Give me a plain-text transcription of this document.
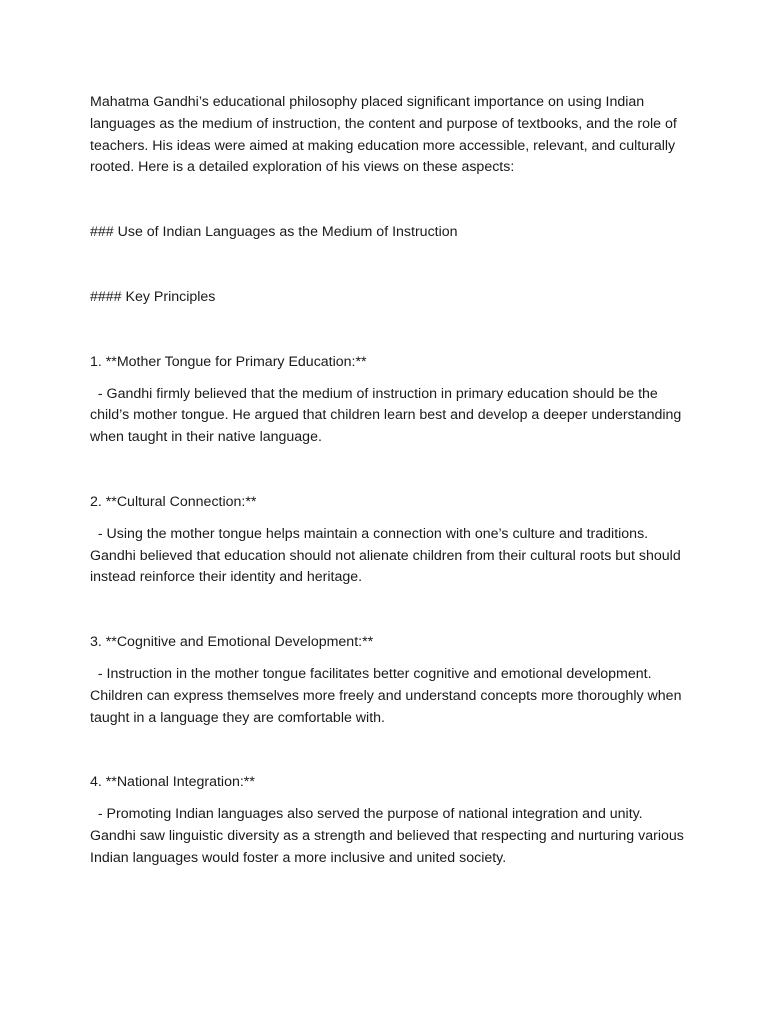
Mahatma Gandhi’s educational philosophy placed significant importance on using Indian languages as the medium of instruction, the content and purpose of textbooks, and the role of teachers. His ideas were aimed at making education more accessible, relevant, and culturally rooted. Here is a detailed exploration of his views on these aspects:

### Use of Indian Languages as the Medium of Instruction

#### Key Principles

1. **Mother Tongue for Primary Education:**

- Gandhi firmly believed that the medium of instruction in primary education should be the child’s mother tongue. He argued that children learn best and develop a deeper understanding when taught in their native language.

2. **Cultural Connection:**

- Using the mother tongue helps maintain a connection with one’s culture and traditions. Gandhi believed that education should not alienate children from their cultural roots but should instead reinforce their identity and heritage.

3. **Cognitive and Emotional Development:**

- Instruction in the mother tongue facilitates better cognitive and emotional development. Children can express themselves more freely and understand concepts more thoroughly when taught in a language they are comfortable with.

4. **National Integration:**

- Promoting Indian languages also served the purpose of national integration and unity. Gandhi saw linguistic diversity as a strength and believed that respecting and nurturing various Indian languages would foster a more inclusive and united society.
